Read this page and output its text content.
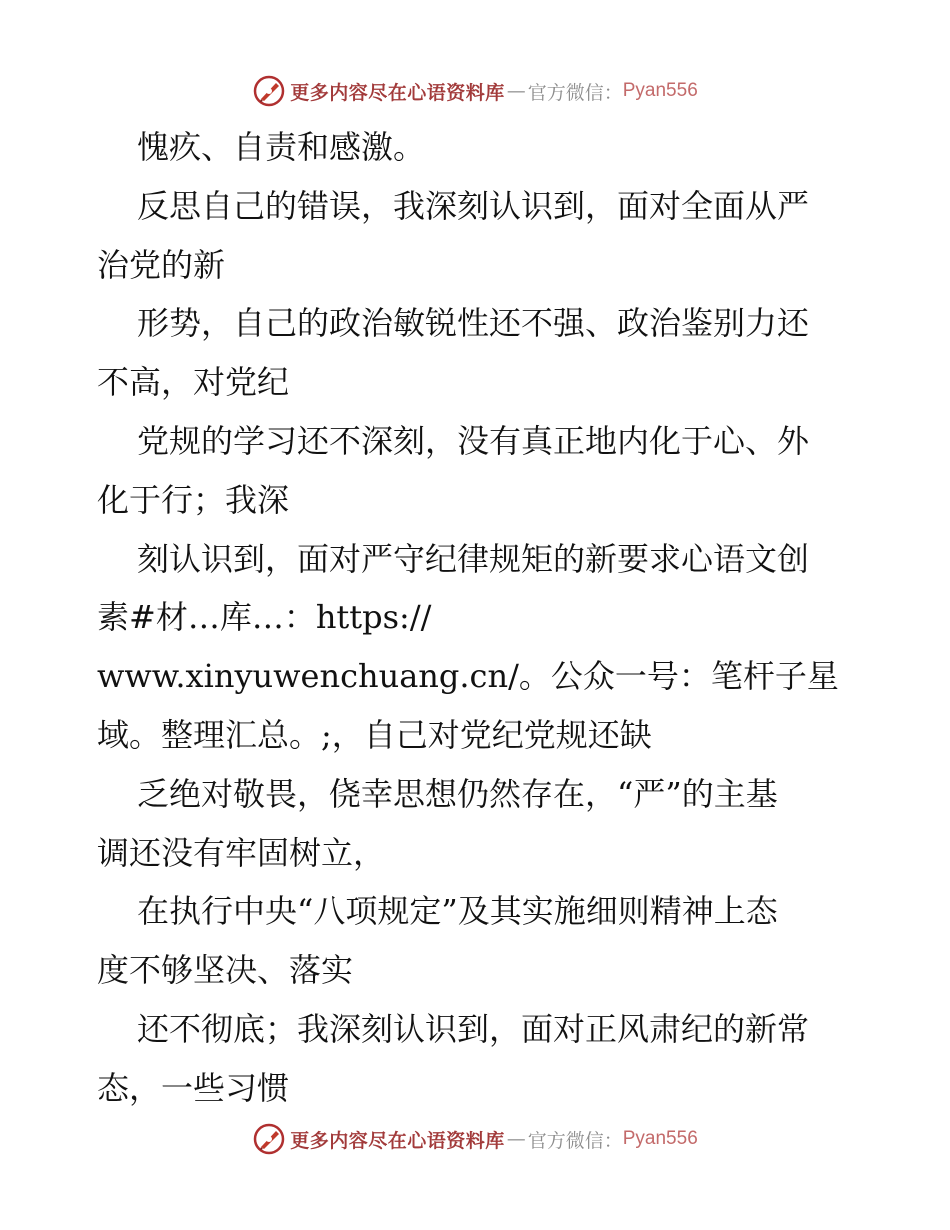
更多内容尽在心语资料库 — 官方微信： Pyan556
愧疚、自责和感激。
反思自己的错误，我深刻认识到，面对全面从严
治党的新
形势，自己的政治敏锐性还不强、政治鉴别力还
不高，对党纪
党规的学习还不深刻，没有真正地内化于心、外
化于行；我深
刻认识到，面对严守纪律规矩的新要求心语文创
素#材…库…：https://
www.xinyuwenchuang.cn/。公众一号：笔杆子星
域。整理汇总。;，自己对党纪党规还缺
乏绝对敬畏，侥幸思想仍然存在，“严”的主基
调还没有牢固树立，
在执行中央“八项规定”及其实施细则精神上态
度不够坚决、落实
还不彻底；我深刻认识到，面对正风肃纪的新常
态，一些习惯
更多内容尽在心语资料库 — 官方微信： Pyan556
